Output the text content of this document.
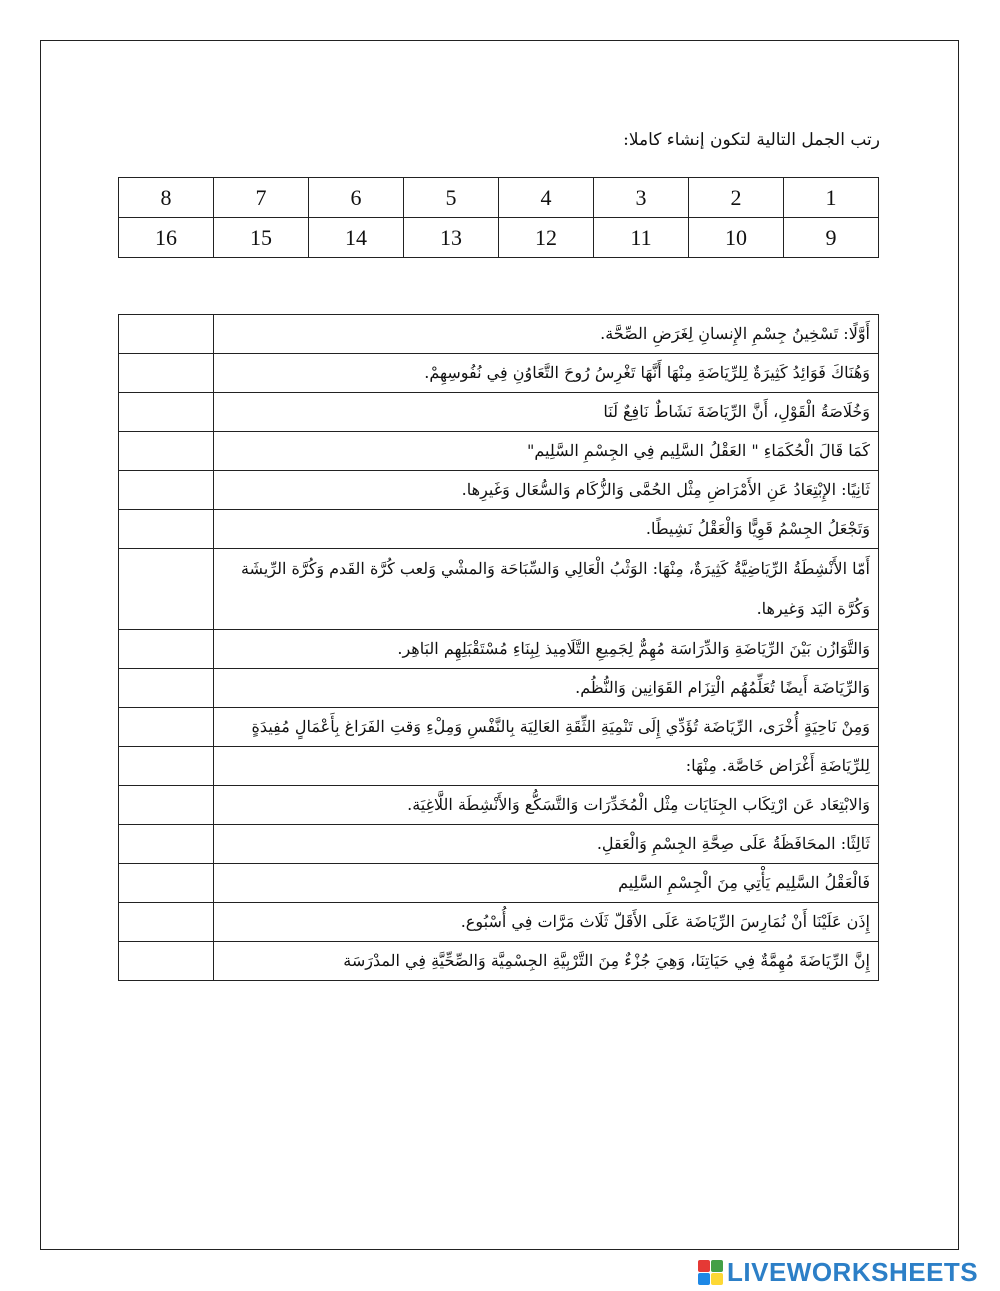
رتب الجمل التالية لتكون إنشاء كاملا:
1	2	3	4	5	6	7	8
9	10	11	12	13	14	15	16
	أَوَّلًا: تَسْخِينُ جِسْمِ الإِنسانِ لِغَرَضِ الصِّحَّة.

	وَهُنَاكَ فَوَائِدُ كَثِيرَةٌ لِلرِّيَاضَةِ مِنْهَا أَنَّهَا تَغْرِسُ رُوحَ التَّعَاوُنِ فِي نُفُوسِهِمْ.

	وَخُلَاصَةُ الْقَوْلِ، أَنَّ الرِّيَاضَةَ نَشَاطٌ نَافِعٌ لَنَا

	كَمَا قَالَ الْحُكَمَاءِ " العَقْلُ السَّلِيم فِي الجِسْمِ السَّلِيم"

	ثَانِيًا: الإِبْتِعَادُ عَنِ الأَمْرَاضِ مِثْل الحُمَّى وَالزُّكَام وَالسُّعَال وَغَيرِها.

	وَتَجْعَلُ الجِسْمُ قَوِيًّا وَالْعَقْلُ نَشِيطًا.

	أَمّا الأَنْشِطَةُ الرِّيَاضِيَّةُ كَثِيرَةٌ، مِنْهَا: الوَثْبُ الْعَالِي وَالسِّبَاحَة وَالمشْي وَلعب كُرَّة القَدم وَكُرَّة الرِّيشَة وَكُرَّة اليَد وَغيرها.

	وَالتَّوَازُن بَيْنَ الرِّيَاضَةِ وَالدِّرَاسَة مُهِمٌّ لِجَمِيعِ التَّلَامِيذ لِبِنَاءِ مُسْتَقْبَلِهِم البَاهِر.

	وَالرِّيَاضَة أَيضًا تُعَلِّمُهُم الْتِزَام القَوَانِين وَالنُّظُم.

	وَمِنْ نَاحِيَةٍ أُخْرَى، الرِّيَاضَة تُؤَدِّي إِلَى تَنْمِيَةِ الثِّقَةِ العَالِيَة بِالنَّفْسِ وَمِلْءِ وَقتِ الفَرَاغ بِأَعْمَالٍ مُفِيدَةٍ

	لِلرِّيَاضَةِ أَغْرَاض خَاصَّة. مِنْهَا:

	وَالابْتِعَاد عَن ارْتِكَاب الجِنَايَات مِثْل الْمُخَدِّرَات وَالتَّسَكُّع وَالأَنْشِطَة اللَّاغِيَة.

	ثَالِثًا: المحَافَظَةُ عَلَى صِحَّةِ الجِسْمِ وَالْعَقلِ.

	فَالْعَقْلُ السَّلِيم يَأْتِي مِنَ الْجِسْمِ السَّلِيم

	إِذَن عَلَيْنَا أَنْ نُمَارِسَ الرِّيَاضَة عَلَى الأَقَلّ ثَلَاث مَرَّات فِي أُسْبُوع.

	إِنَّ الرِّيَاضَةَ مُهِمَّةٌ فِي حَيَاتِنَا، وَهِيَ جُزْءٌ مِنَ التَّرْبِيَّةِ الجِسْمِيَّة وَالصِّحِّيَّةِ فِي المدْرَسَة
LIVEWORKSHEETS
